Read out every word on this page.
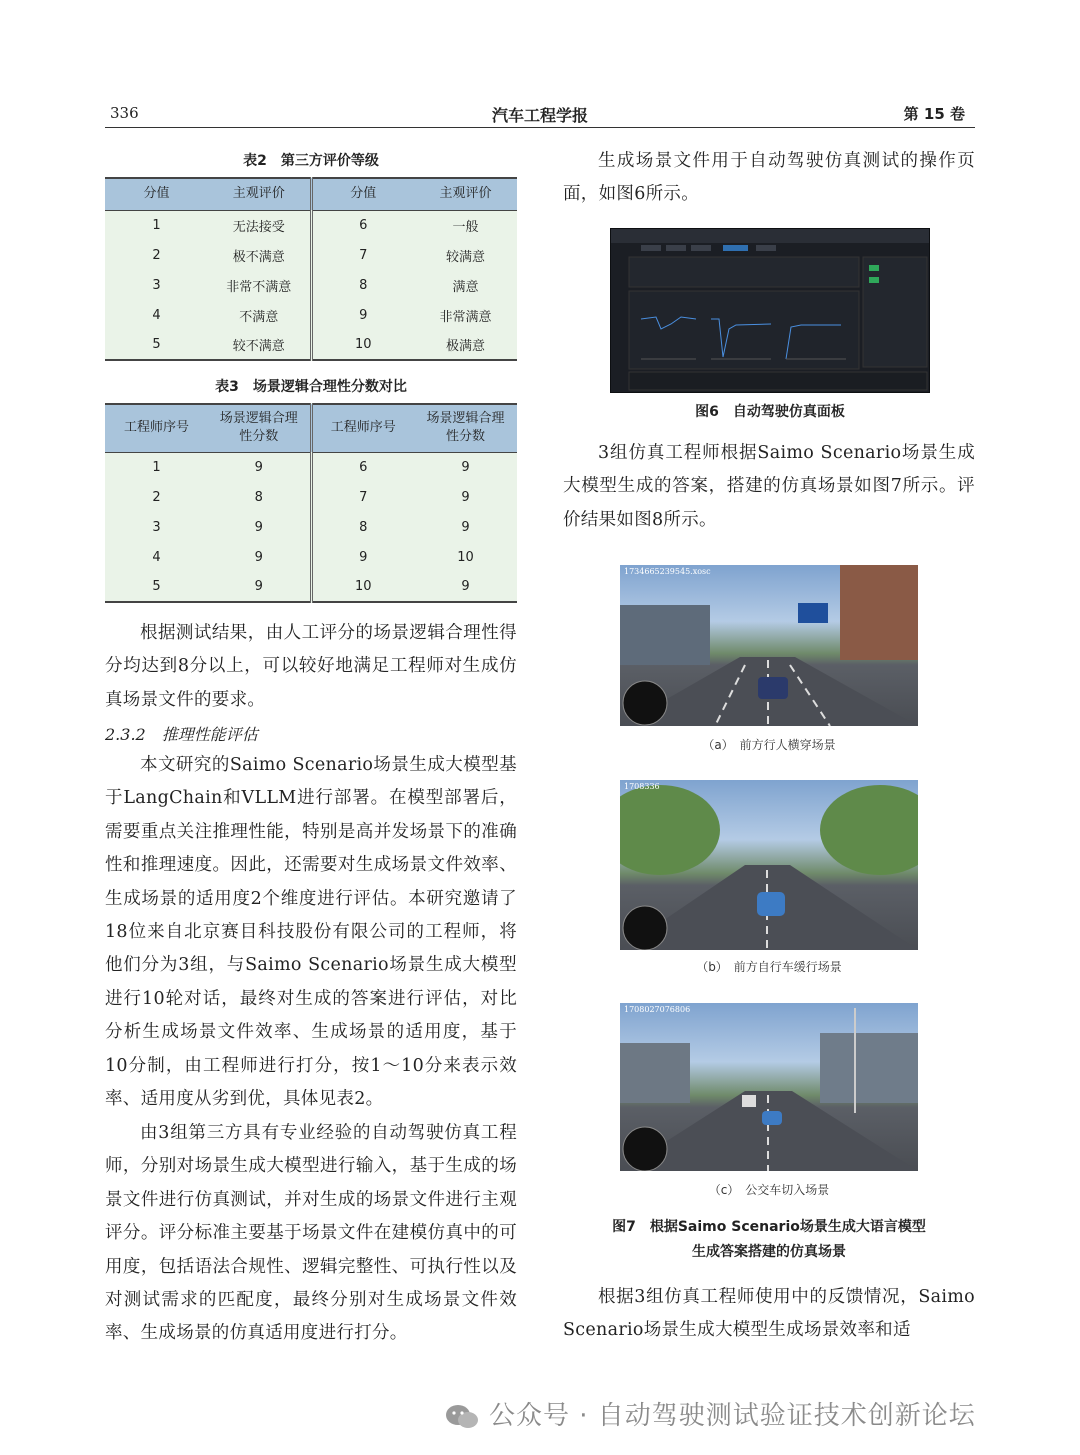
336	汽车工程学报	第 15 卷
表2　第三方评价等级
分值	主观评价	分值	主观评价
1	无法接受	6	一般
2	极不满意	7	较满意
3	非常不满意	8	满意
4	不满意	9	非常满意
5	较不满意	10	极满意
表3　场景逻辑合理性分数对比
工程师序号	场景逻辑合理性分数	工程师序号	场景逻辑合理性分数
1	9	6	9
2	8	7	9
3	9	8	9
4	9	9	10
5	9	10	9

根据测试结果，由人工评分的场景逻辑合理性得分均达到8分以上，可以较好地满足工程师对生成仿真场景文件的要求。

2.3.2　推理性能评估

本文研究的Saimo Scenario场景生成大模型基于LangChain和VLLM进行部署。在模型部署后，需要重点关注推理性能，特别是高并发场景下的准确性和推理速度。因此，还需要对生成场景文件效率、生成场景的适用度2个维度进行评估。本研究邀请了18位来自北京赛目科技股份有限公司的工程师，将他们分为3组，与Saimo Scenario场景生成大模型进行10轮对话，最终对生成的答案进行评估，对比分析生成场景文件效率、生成场景的适用度，基于10分制，由工程师进行打分，按1～10分来表示效率、适用度从劣到优，具体见表2。

由3组第三方具有专业经验的自动驾驶仿真工程师，分别对场景生成大模型进行输入，基于生成的场景文件进行仿真测试，并对生成的场景文件进行主观评分。评分标准主要基于场景文件在建模仿真中的可用度，包括语法合规性、逻辑完整性、可执行性以及对测试需求的匹配度，最终分别对生成场景文件效率、生成场景的仿真适用度进行打分。

生成场景文件用于自动驾驶仿真测试的操作页面，如图6所示。

图6　自动驾驶仿真面板

3组仿真工程师根据Saimo Scenario场景生成大模型生成的答案，搭建的仿真场景如图7所示。评价结果如图8所示。

1734665239545.xosc
（a）　前方行人横穿场景
1708336
（b）　前方自行车缓行场景
1708027076806
（c）　公交车切入场景
图7　根据Saimo Scenario场景生成大语言模型
生成答案搭建的仿真场景

根据3组仿真工程师使用中的反馈情况，Saimo Scenario场景生成大模型生成场景效率和适

公众号 · 自动驾驶测试验证技术创新论坛
